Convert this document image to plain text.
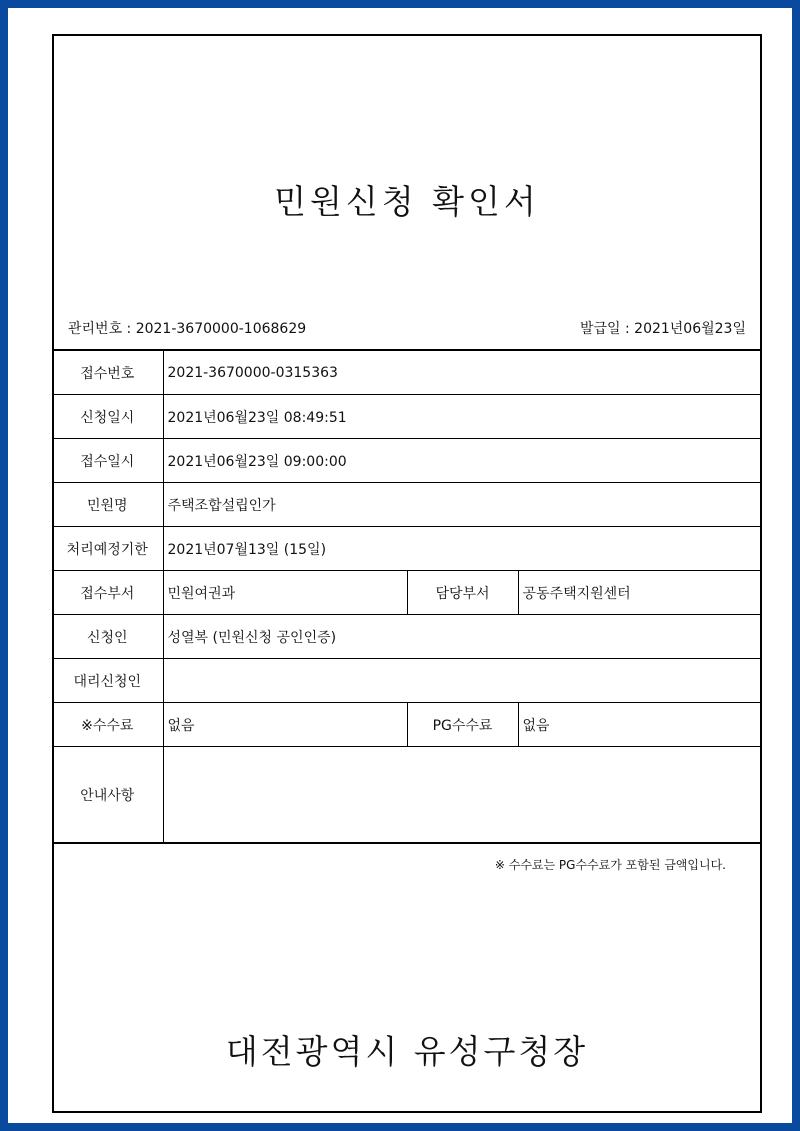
민원신청 확인서
관리번호 : 2021-3670000-1068629	발급일 : 2021년06월23일
접수번호	2021-3670000-0315363		
신청일시	2021년06월23일 08:49:51		
접수일시	2021년06월23일 09:00:00		
민원명	주택조합설립인가		
처리예정기한	2021년07월13일 (15일)		
접수부서	민원여권과	담당부서	공동주택지원센터
신청인	성열복 (민원신청 공인인증)		
대리신청인			
※수수료	없음	PG수수료	없음
안내사항			
※ 수수료는 PG수수료가 포함된 금액입니다.
대전광역시 유성구청장
